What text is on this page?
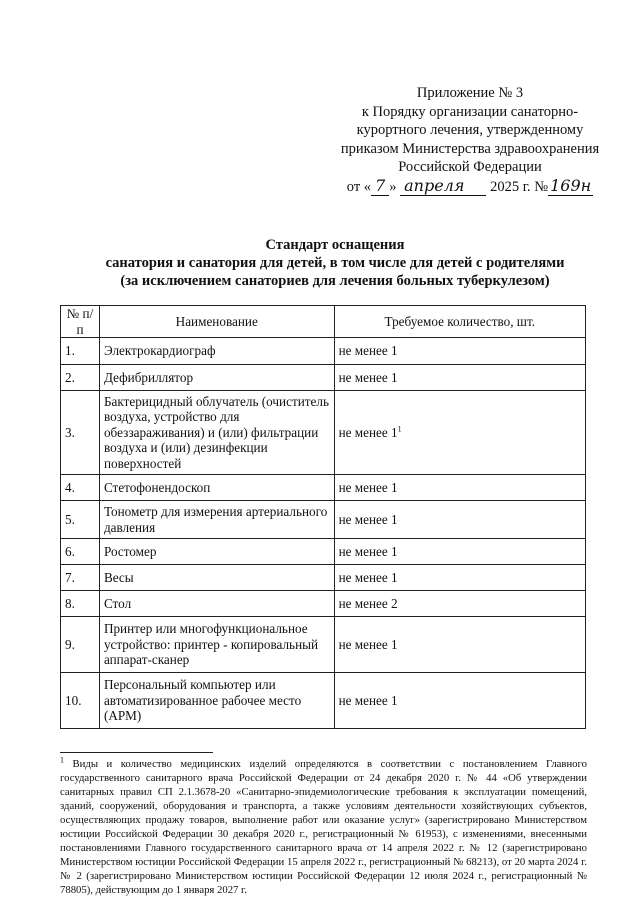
Приложение № 3
к Порядку организации санаторно-
курортного лечения, утвержденному
приказом Министерства здравоохранения
Российской Федерации
от « 7 » апреля 2025 г. № 169н
Стандарт оснащения
санатория и санатория для детей, в том числе для детей с родителями
(за исключением санаториев для лечения больных туберкулезом)
№ п/п	Наименование	Требуемое количество, шт.
1.	Электрокардиограф	не менее 1
2.	Дефибриллятор	не менее 1
3.	Бактерицидный облучатель (очиститель воздуха, устройство для обеззараживания) и (или) фильтрации воздуха и (или) дезинфекции поверхностей	не менее $1^1$
4.	Стетофонендоскоп	не менее 1
5.	Тонометр для измерения артериального давления	не менее 1
6.	Ростомер	не менее 1
7.	Весы	не менее 1
8.	Стол	не менее 2
9.	Принтер или многофункциональное устройство: принтер - копировальный аппарат-сканер	не менее 1
10.	Персональный компьютер или автоматизированное рабочее место (АРМ)	не менее 1
$^1$ Виды и количество медицинских изделий определяются в соответствии с постановлением Главного государственного санитарного врача Российской Федерации от 24 декабря 2020 г. № 44 «Об утверждении санитарных правил СП 2.1.3678-20 «Санитарно-эпидемиологические требования к эксплуатации помещений, зданий, сооружений, оборудования и транспорта, а также условиям деятельности хозяйствующих субъектов, осуществляющих продажу товаров, выполнение работ или оказание услуг» (зарегистрировано Министерством юстиции Российской Федерации 30 декабря 2020 г., регистрационный № 61953), с изменениями, внесенными постановлениями Главного государственного санитарного врача от 14 апреля 2022 г. № 12 (зарегистрировано Министерством юстиции Российской Федерации 15 апреля 2022 г., регистрационный № 68213), от 20 марта 2024 г. № 2 (зарегистрировано Министерством юстиции Российской Федерации 12 июля 2024 г., регистрационный № 78805), действующим до 1 января 2027 г.
